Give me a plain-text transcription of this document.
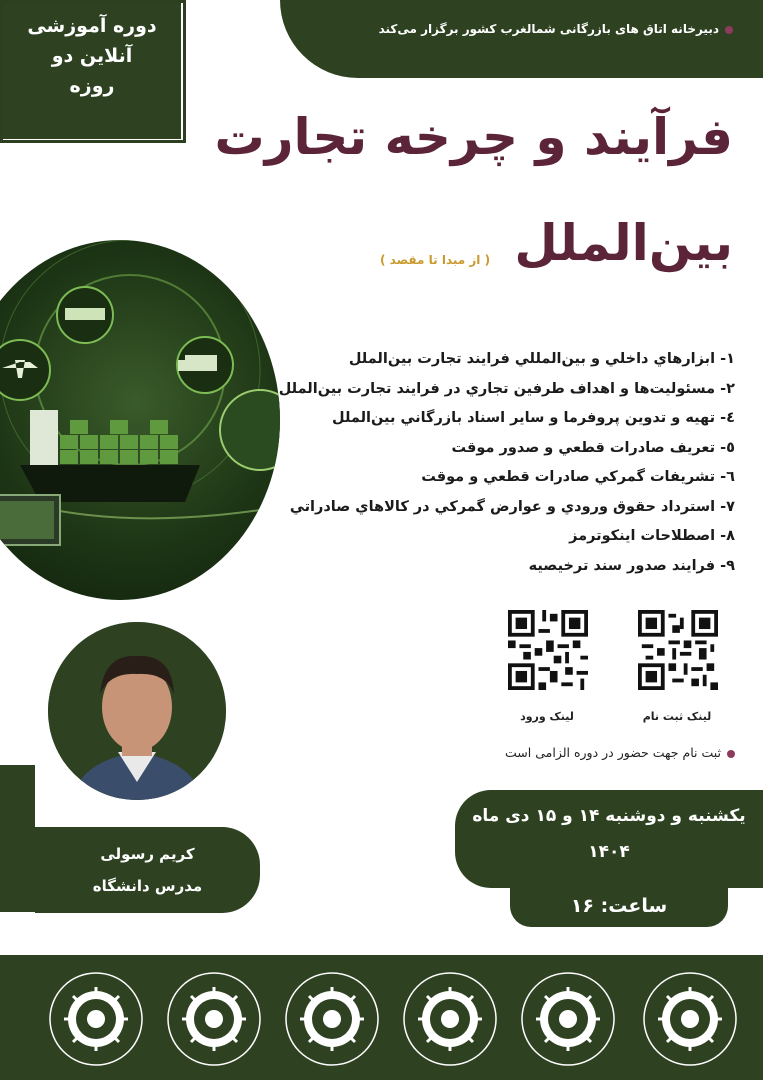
دوره آموزشی
آنلاین دو
روزه
دبیرخانه اتاق های بازرگانی شمالغرب کشور برگزار می‌کند
فرآیند و چرخه تجارت
بین‌الملل
( از مبدا تا مقصد )
۱- ابزارهاي داخلي و بين‌المللي فرايند تجارت بين‌الملل
۲- مسئوليت‌ها و اهداف طرفين تجاري در فرايند تجارت بين‌الملل
٤- تهيه و تدوين پروفرما و ساير اسناد بازرگاني بين‌الملل
٥- تعريف صادرات قطعي و صدور موقت
٦- تشريفات گمركي صادرات قطعي و موقت
٧- استرداد حقوق ورودي و عوارض گمركي در كالاهاي صادراتي
٨- اصطلاحات اينكوترمز
٩- فرايند صدور سند ترخيصيه
لینک ثبت نام
لینک ورود
ثبت نام جهت حضور در دوره الزامی است
کریم رسولی
مدرس دانشگاه
یکشنبه و دوشنبه ۱۴ و ۱۵ دی ماه
۱۴۰۴
ساعت: ۱۶
